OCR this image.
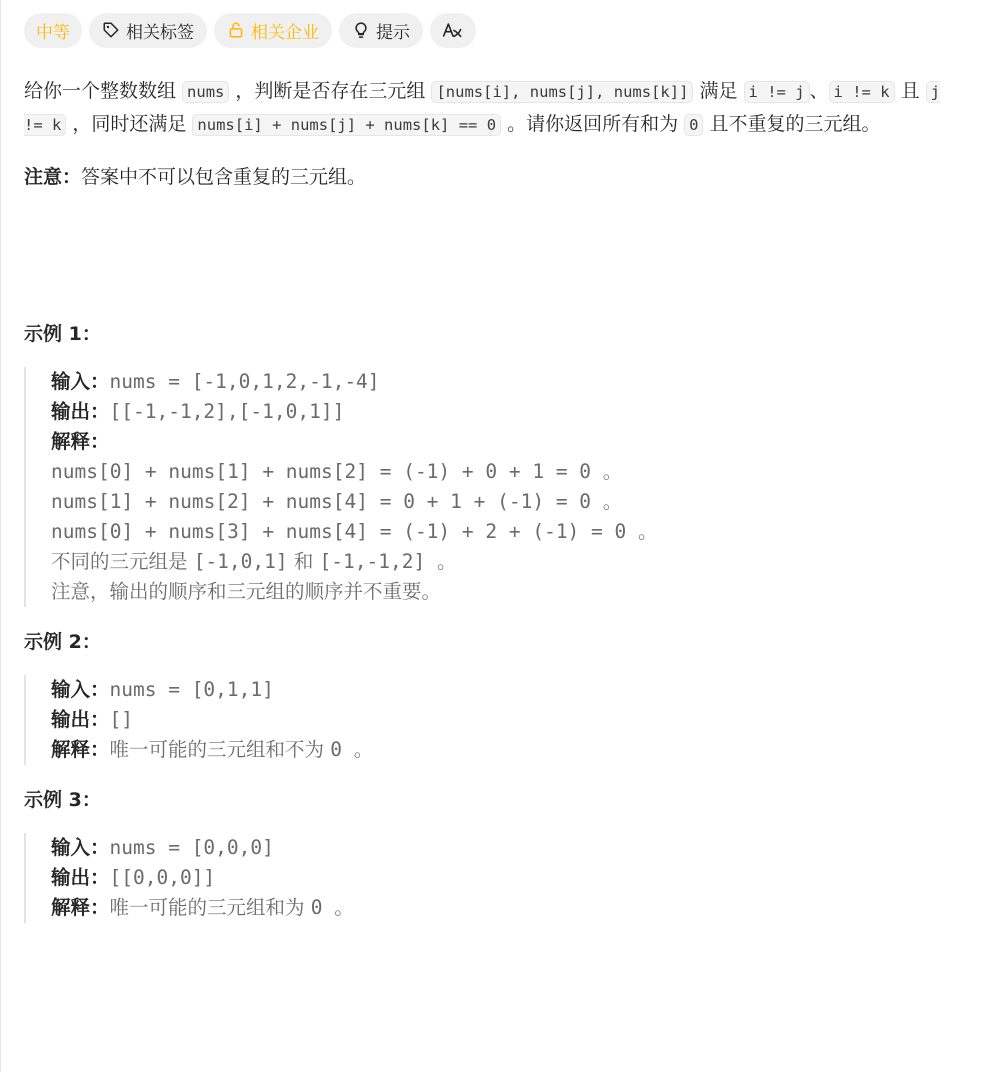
中等	相关标签	相关企业	提示

给你一个整数数组 nums ，判断是否存在三元组 [nums[i], nums[j], nums[k]] 满足 i != j 、 i != k 且 j != k ，同时还满足 nums[i] + nums[j] + nums[k] == 0 。请你返回所有和为 0 且不重复的三元组。

注意：答案中不可以包含重复的三元组。

示例 1：

输入：nums = [-1,0,1,2,-1,-4]
输出：[[-1,-1,2],[-1,0,1]]
解释：
nums[0] + nums[1] + nums[2] = (-1) + 0 + 1 = 0 。
nums[1] + nums[2] + nums[4] = 0 + 1 + (-1) = 0 。
nums[0] + nums[3] + nums[4] = (-1) + 2 + (-1) = 0 。
不同的三元组是 [-1,0,1] 和 [-1,-1,2] 。
注意，输出的顺序和三元组的顺序并不重要。

示例 2：

输入：nums = [0,1,1]
输出：[]
解释：唯一可能的三元组和不为 0 。

示例 3：

输入：nums = [0,0,0]
输出：[[0,0,0]]
解释：唯一可能的三元组和为 0 。
